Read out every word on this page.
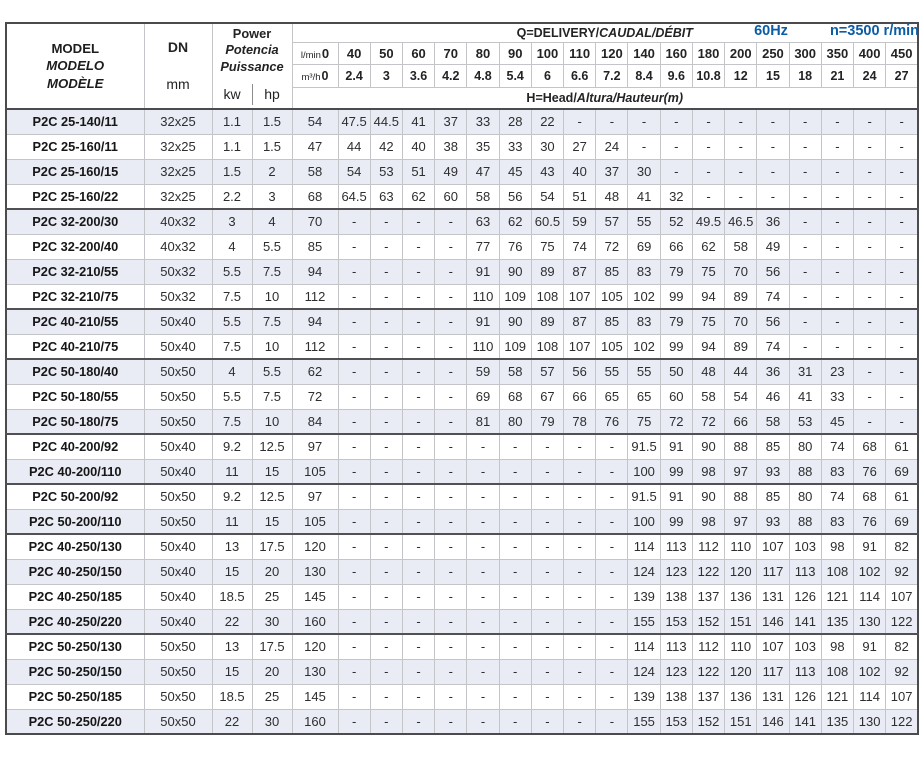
60Hz	n=3500 r/min
MODEL
MODELO
MODÈLE

DN
mm

Power
Potencia
Puissance
kw	hp
	Q=DELIVERY/CAUDAL/DÉBIT
				l/min0	40	50	60	70	80	90	100	110	120	140	160	180	200	250	300	350	400	450
				m³/h0	2.4	3	3.6	4.2	4.8	5.4	6	6.6	7.2	8.4	9.6	10.8	12	15	18	21	24	27
				H=Head/Altura/Hauteur(m)																		
P2C 25-140/11	32x25	1.1	1.5	54	47.5	44.5	41	37	33	28	22	-	-	-	-	-	-	-	-	-	-	-
P2C 25-160/11	32x25	1.1	1.5	47	44	42	40	38	35	33	30	27	24	-	-	-	-	-	-	-	-	-
P2C 25-160/15	32x25	1.5	2	58	54	53	51	49	47	45	43	40	37	30	-	-	-	-	-	-	-	-
P2C 25-160/22	32x25	2.2	3	68	64.5	63	62	60	58	56	54	51	48	41	32	-	-	-	-	-	-	-
P2C 32-200/30	40x32	3	4	70	-	-	-	-	63	62	60.5	59	57	55	52	49.5	46.5	36	-	-	-	-
P2C 32-200/40	40x32	4	5.5	85	-	-	-	-	77	76	75	74	72	69	66	62	58	49	-	-	-	-
P2C 32-210/55	50x32	5.5	7.5	94	-	-	-	-	91	90	89	87	85	83	79	75	70	56	-	-	-	-
P2C 32-210/75	50x32	7.5	10	112	-	-	-	-	110	109	108	107	105	102	99	94	89	74	-	-	-	-
P2C 40-210/55	50x40	5.5	7.5	94	-	-	-	-	91	90	89	87	85	83	79	75	70	56	-	-	-	-
P2C 40-210/75	50x40	7.5	10	112	-	-	-	-	110	109	108	107	105	102	99	94	89	74	-	-	-	-
P2C 50-180/40	50x50	4	5.5	62	-	-	-	-	59	58	57	56	55	55	50	48	44	36	31	23	-	-
P2C 50-180/55	50x50	5.5	7.5	72	-	-	-	-	69	68	67	66	65	65	60	58	54	46	41	33	-	-
P2C 50-180/75	50x50	7.5	10	84	-	-	-	-	81	80	79	78	76	75	72	72	66	58	53	45	-	-
P2C 40-200/92	50x40	9.2	12.5	97	-	-	-	-	-	-	-	-	-	91.5	91	90	88	85	80	74	68	61
P2C 40-200/110	50x40	11	15	105	-	-	-	-	-	-	-	-	-	100	99	98	97	93	88	83	76	69
P2C 50-200/92	50x50	9.2	12.5	97	-	-	-	-	-	-	-	-	-	91.5	91	90	88	85	80	74	68	61
P2C 50-200/110	50x50	11	15	105	-	-	-	-	-	-	-	-	-	100	99	98	97	93	88	83	76	69
P2C 40-250/130	50x40	13	17.5	120	-	-	-	-	-	-	-	-	-	114	113	112	110	107	103	98	91	82
P2C 40-250/150	50x40	15	20	130	-	-	-	-	-	-	-	-	-	124	123	122	120	117	113	108	102	92
P2C 40-250/185	50x40	18.5	25	145	-	-	-	-	-	-	-	-	-	139	138	137	136	131	126	121	114	107
P2C 40-250/220	50x40	22	30	160	-	-	-	-	-	-	-	-	-	155	153	152	151	146	141	135	130	122
P2C 50-250/130	50x50	13	17.5	120	-	-	-	-	-	-	-	-	-	114	113	112	110	107	103	98	91	82
P2C 50-250/150	50x50	15	20	130	-	-	-	-	-	-	-	-	-	124	123	122	120	117	113	108	102	92
P2C 50-250/185	50x50	18.5	25	145	-	-	-	-	-	-	-	-	-	139	138	137	136	131	126	121	114	107
P2C 50-250/220	50x50	22	30	160	-	-	-	-	-	-	-	-	-	155	153	152	151	146	141	135	130	122
